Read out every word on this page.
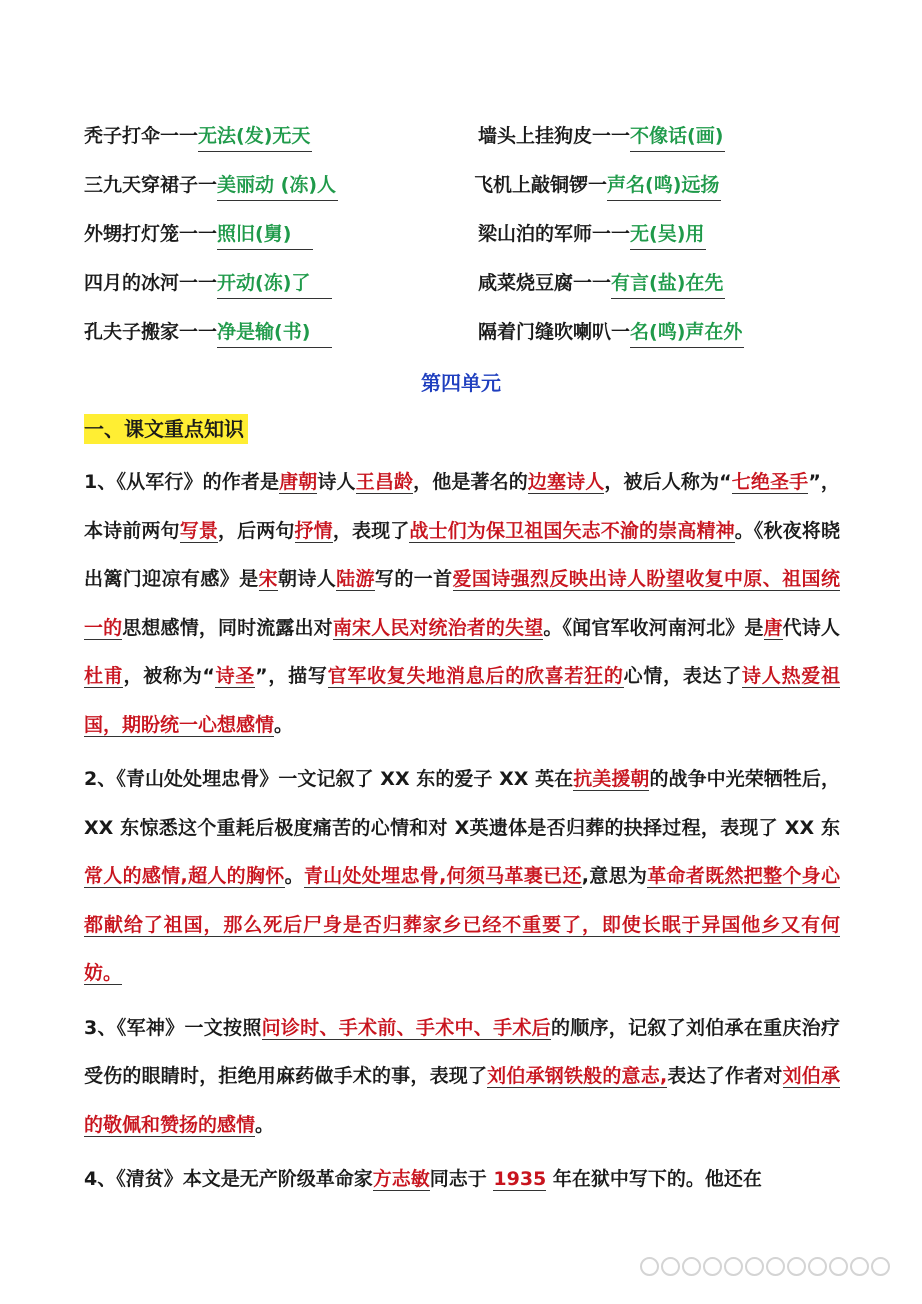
秃子打伞一一无法(发)无天	墙头上挂狗皮一一不像话(画)
三九天穿裙子一美丽动 (冻)人	飞机上敲铜锣一声名(鸣)远扬
外甥打灯笼一一照旧(舅)	梁山泊的军师一一无(吴)用
四月的冰河一一开动(冻)了	咸菜烧豆腐一一有言(盐)在先
孔夫子搬家一一净是输(书)	隔着门缝吹喇叭一名(鸣)声在外
第四单元
一、课文重点知识

1、《从军行》的作者是唐朝诗人王昌龄，他是著名的边塞诗人，被后人称为“七绝圣手”，本诗前两句写景，后两句抒情，表现了战士们为保卫祖国矢志不渝的崇高精神。《秋夜将晓出篱门迎凉有感》是宋朝诗人陆游写的一首爱国诗强烈反映出诗人盼望收复中原、祖国统一的思想感情，同时流露出对南宋人民对统治者的失望。《闻官军收河南河北》是唐代诗人杜甫，被称为“诗圣”，描写官军收复失地消息后的欣喜若狂的心情，表达了诗人热爱祖国，期盼统一心想感情。

2、《青山处处埋忠骨》一文记叙了 XX 东的爱子 XX 英在抗美援朝的战争中光荣牺牲后，XX 东惊悉这个重耗后极度痛苦的心情和对 X英遗体是否归葬的抉择过程，表现了 XX 东常人的感情,超人的胸怀。青山处处埋忠骨,何须马革裹已还,意思为革命者既然把整个身心都献给了祖国，那么死后尸身是否归葬家乡已经不重要了，即使长眠于异国他乡又有何妨。

3、《军神》一文按照问诊时、手术前、手术中、手术后的顺序，记叙了刘伯承在重庆治疗受伤的眼睛时，拒绝用麻药做手术的事，表现了刘伯承钢铁般的意志,表达了作者对刘伯承的敬佩和赞扬的感情。

4、《清贫》本文是无产阶级革命家方志敏同志于 1935 年在狱中写下的。他还在
